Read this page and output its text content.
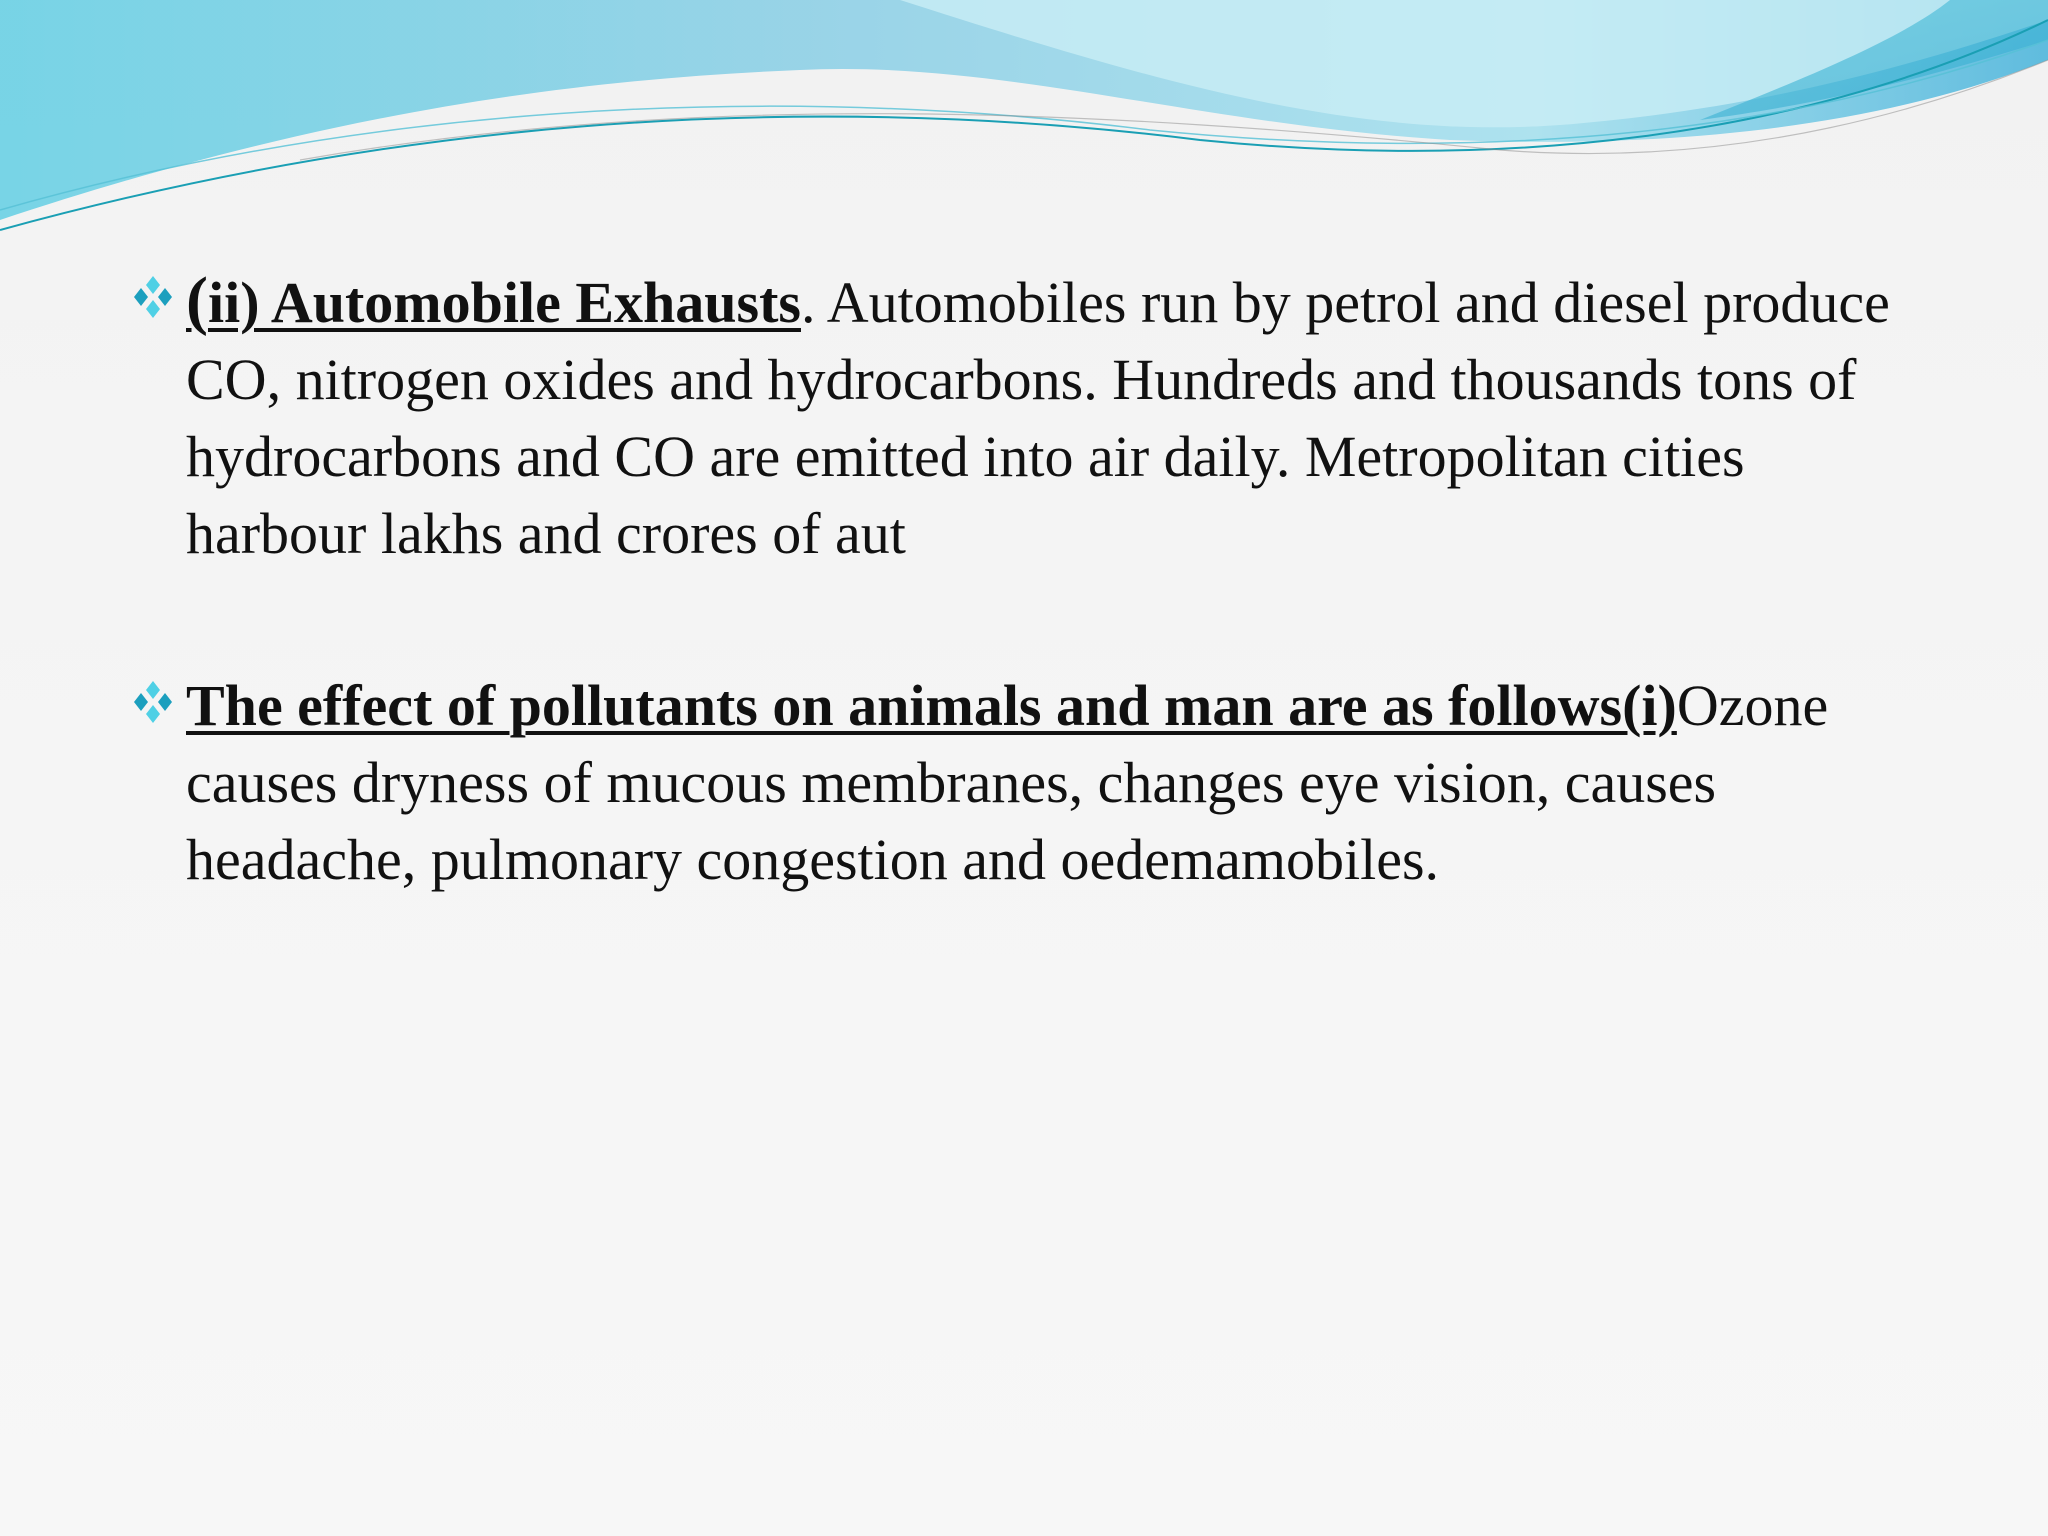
(ii) Automobile Exhausts. Automobiles run by petrol and diesel produce CO, nitrogen oxides and hydrocarbons. Hundreds and thousands tons of hydrocarbons and CO are emitted into air daily. Metropolitan cities harbour lakhs and crores of aut
The effect of pollutants on animals and man are as follows(i)Ozone causes dryness of mucous membranes, changes eye vision, causes headache, pulmonary congestion and oedemamobiles.
